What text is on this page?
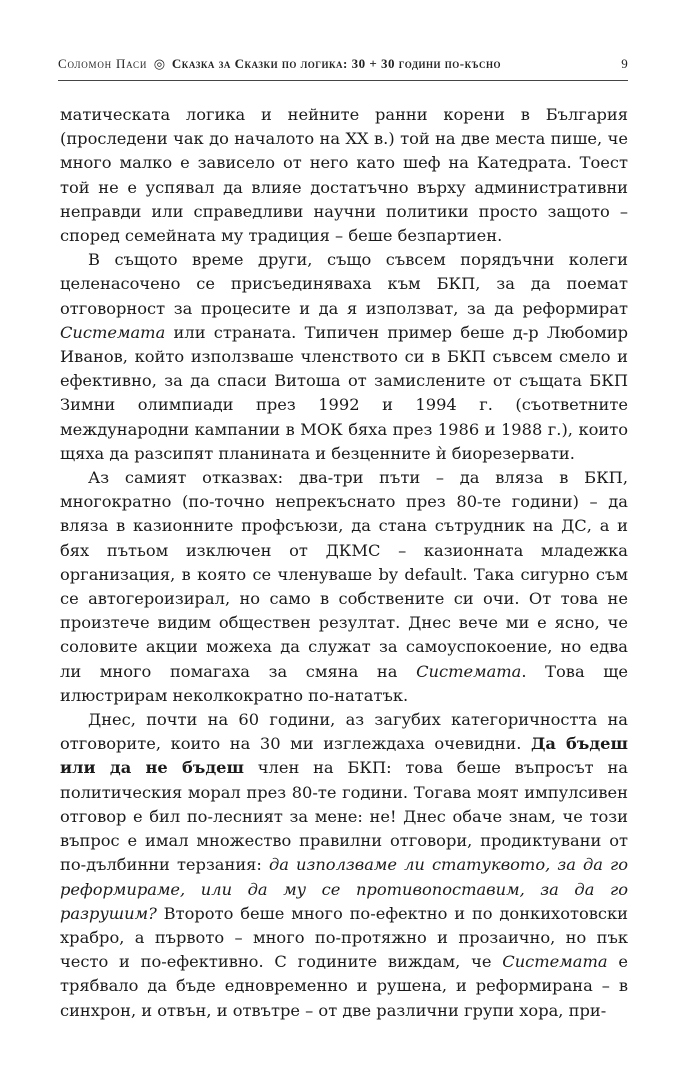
Соломон Паси ◎ Сказка за Сказки по логика: 30 + 30 години по-късно	9

матическата логика и нейните ранни корени в България (проследени чак до началото на XX в.) той на две места пише, че много малко е зависело от него като шеф на Катедрата. Тоест той не е успявал да влияе достатъчно върху административни неправди или справедливи научни политики просто защото – според семейната му традиция – беше безпартиен.

В същото време други, също съвсем порядъчни колеги целенасочено се присъединяваха към БКП, за да поемат отговорност за процесите и да я използват, за да реформират Системата или страната. Типичен пример беше д-р Любомир Иванов, който използваше членството си в БКП съвсем смело и ефективно, за да спаси Витоша от замислените от същата БКП Зимни олимпиади през 1992 и 1994 г. (съответните международни кампании в МОК бяха през 1986 и 1988 г.), които щяха да разсипят планината и безценните ѝ биорезервати.

Аз самият отказвах: два-три пъти – да вляза в БКП, многократно (по-точно непрекъснато през 80-те години) – да вляза в казионните профсъюзи, да стана сътрудник на ДС, а и бях пътьом изключен от ДКМС – казионната младежка организация, в която се членуваше by default. Така сигурно съм се автогероизирал, но само в собствените си очи. От това не произтече видим обществен резултат. Днес вече ми е ясно, че соловите акции можеха да служат за самоуспокоение, но едва ли много помагаха за смяна на Системата. Това ще илюстрирам неколкократно по-нататък.

Днес, почти на 60 години, аз загубих категоричността на отговорите, които на 30 ми изглеждаха очевидни. Да бъдеш или да не бъдеш член на БКП: това беше въпросът на политическия морал през 80-те години. Тогава моят импулсивен отговор е бил по-лесният за мене: не! Днес обаче знам, че този въпрос е имал множество правилни отговори, продиктувани от по-дълбинни терзания: да използваме ли статуквото, за да го реформираме, или да му се противопоставим, за да го разрушим? Второто беше много по-ефектно и по донкихотовски храбро, а първото – много по-протяжно и прозаично, но пък често и по-ефективно. С годините виждам, че Системата е трябвало да бъде едновременно и рушена, и реформирана – в синхрон, и отвън, и отвътре – от две различни групи хора, при-
